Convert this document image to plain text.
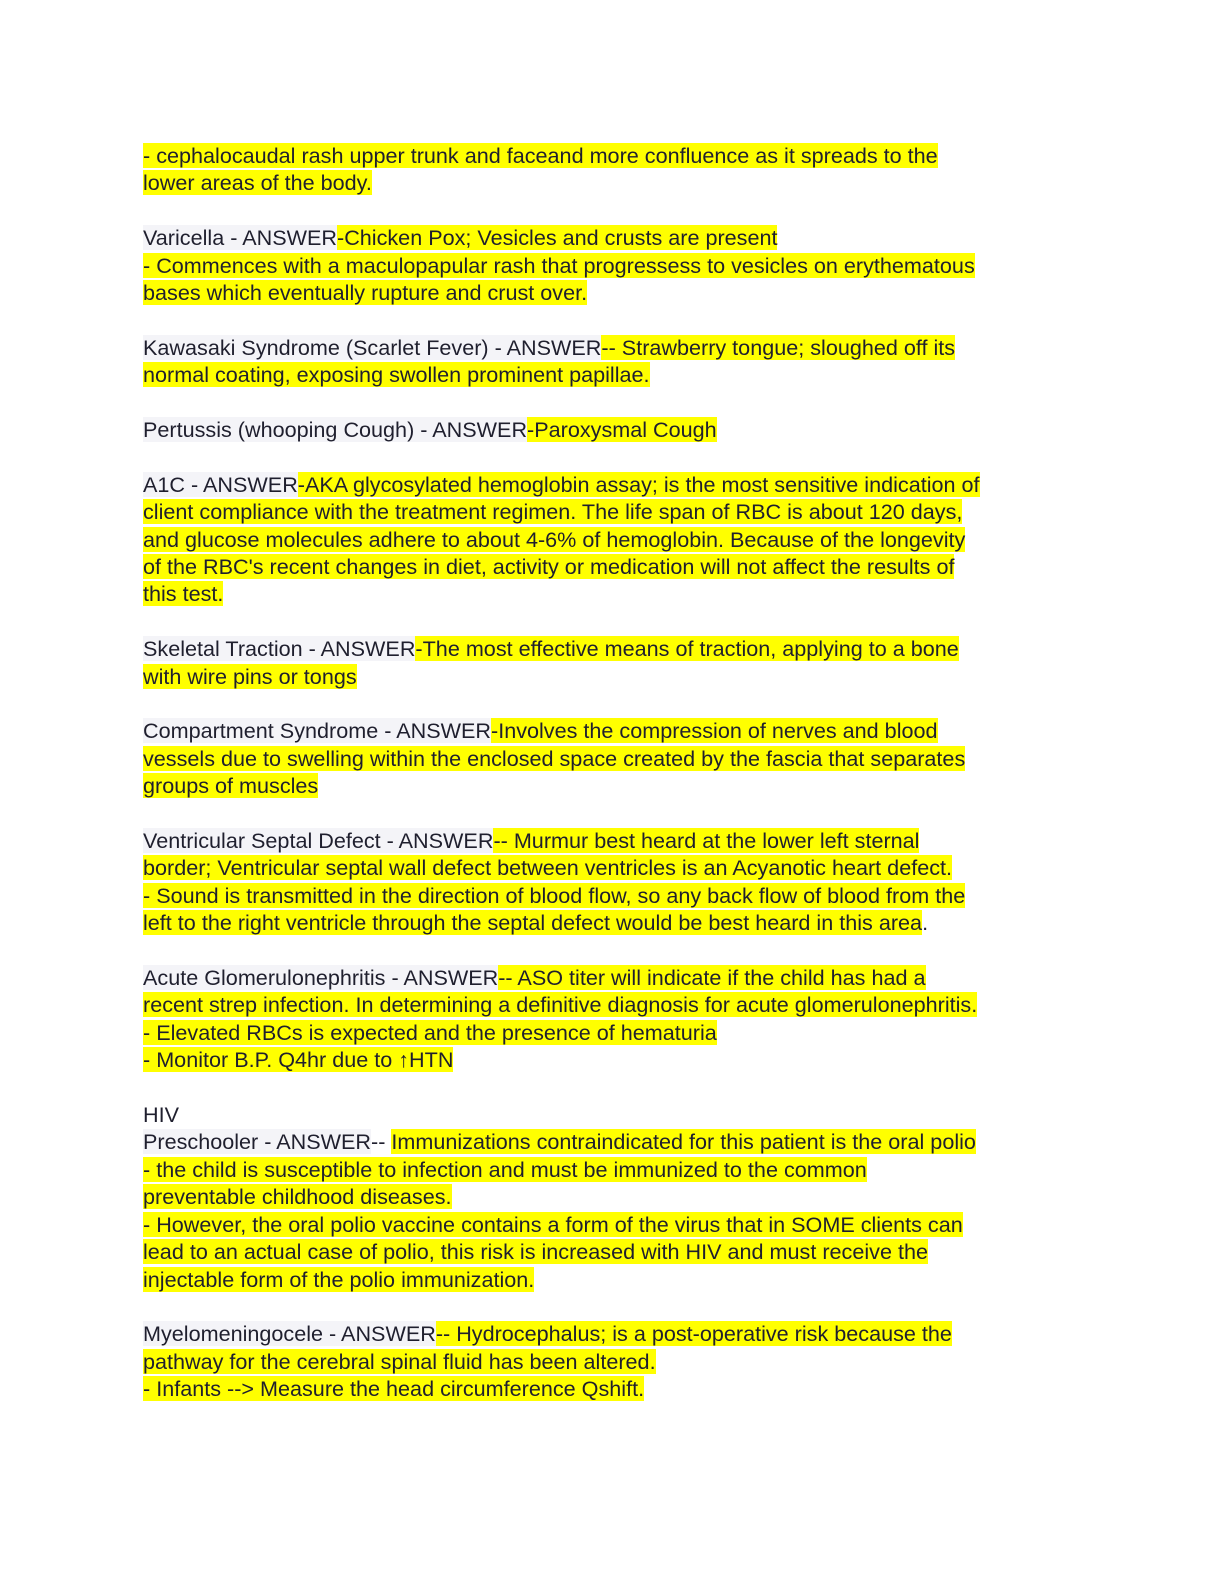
- cephalocaudal rash upper trunk and faceand more confluence as it spreads to the
lower areas of the body.
Varicella - ANSWER-Chicken Pox; Vesicles and crusts are present
- Commences with a maculopapular rash that progressess to vesicles on erythematous
bases which eventually rupture and crust over.
Kawasaki Syndrome (Scarlet Fever) - ANSWER-- Strawberry tongue; sloughed off its
normal coating, exposing swollen prominent papillae.
Pertussis (whooping Cough) - ANSWER-Paroxysmal Cough
A1C - ANSWER-AKA glycosylated hemoglobin assay; is the most sensitive indication of
client compliance with the treatment regimen. The life span of RBC is about 120 days,
and glucose molecules adhere to about 4-6% of hemoglobin. Because of the longevity
of the RBC's recent changes in diet, activity or medication will not affect the results of
this test.
Skeletal Traction - ANSWER-The most effective means of traction, applying to a bone
with wire pins or tongs
Compartment Syndrome - ANSWER-Involves the compression of nerves and blood
vessels due to swelling within the enclosed space created by the fascia that separates
groups of muscles
Ventricular Septal Defect - ANSWER-- Murmur best heard at the lower left sternal
border; Ventricular septal wall defect between ventricles is an Acyanotic heart defect.
- Sound is transmitted in the direction of blood flow, so any back flow of blood from the
left to the right ventricle through the septal defect would be best heard in this area.
Acute Glomerulonephritis - ANSWER-- ASO titer will indicate if the child has had a
recent strep infection. In determining a definitive diagnosis for acute glomerulonephritis.
- Elevated RBCs is expected and the presence of hematuria
- Monitor B.P. Q4hr due to ↑HTN
HIV
Preschooler - ANSWER-- Immunizations contraindicated for this patient is the oral polio
- the child is susceptible to infection and must be immunized to the common
preventable childhood diseases.
- However, the oral polio vaccine contains a form of the virus that in SOME clients can
lead to an actual case of polio, this risk is increased with HIV and must receive the
injectable form of the polio immunization.
Myelomeningocele - ANSWER-- Hydrocephalus; is a post-operative risk because the
pathway for the cerebral spinal fluid has been altered.
- Infants --> Measure the head circumference Qshift.
